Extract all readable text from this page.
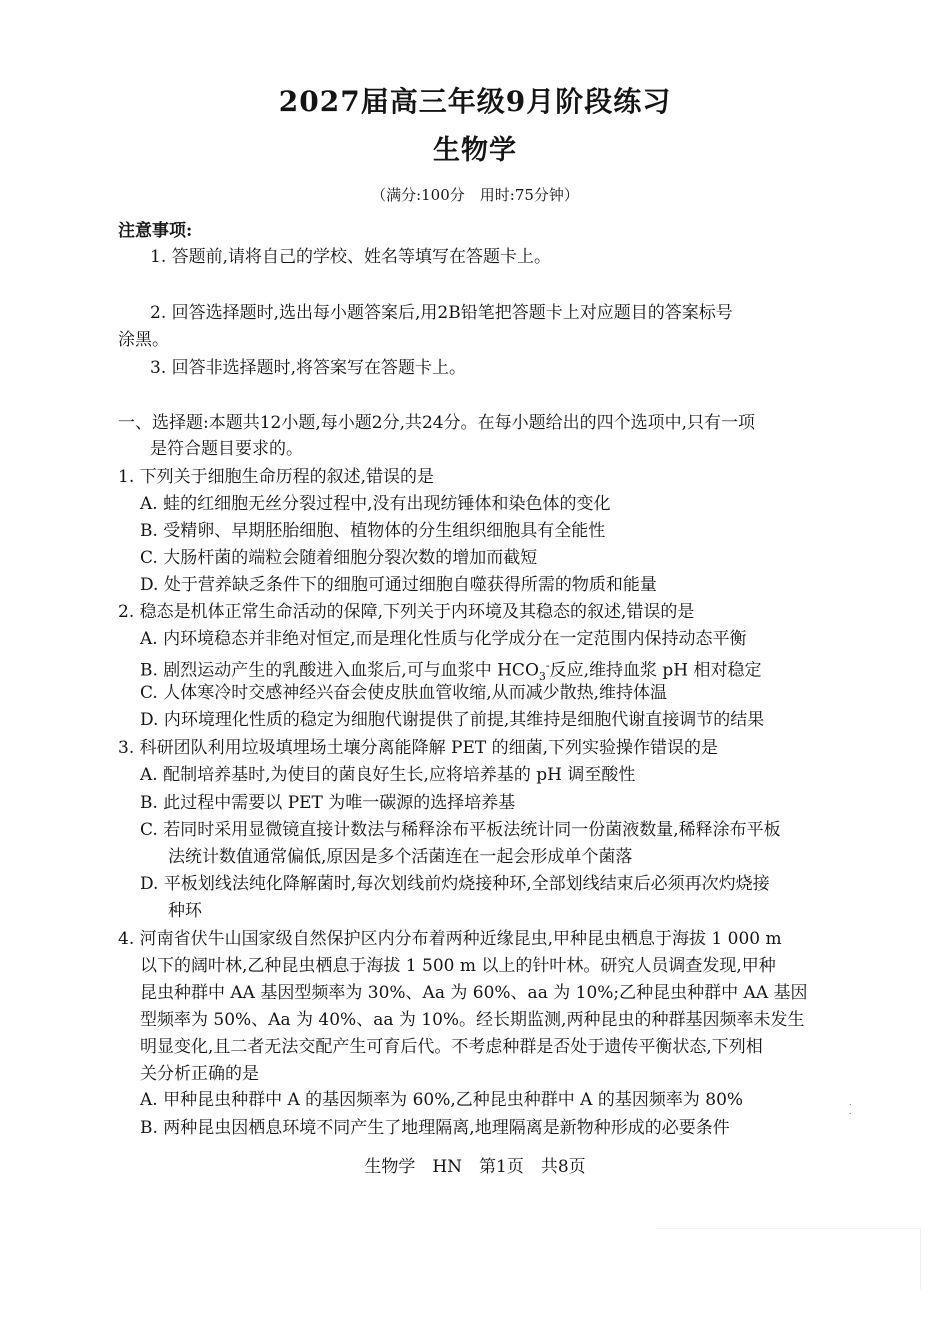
2027届高三年级9月阶段练习
生物学
（满分:100分　用时:75分钟）
注意事项:
1. 答题前,请将自己的学校、姓名等填写在答题卡上。
2. 回答选择题时,选出每小题答案后,用2B铅笔把答题卡上对应题目的答案标号
涂黑。
3. 回答非选择题时,将答案写在答题卡上。
一、选择题:本题共12小题,每小题2分,共24分。在每小题给出的四个选项中,只有一项
是符合题目要求的。
1. 下列关于细胞生命历程的叙述,错误的是
A. 蛙的红细胞无丝分裂过程中,没有出现纺锤体和染色体的变化
B. 受精卵、早期胚胎细胞、植物体的分生组织细胞具有全能性
C. 大肠杆菌的端粒会随着细胞分裂次数的增加而截短
D. 处于营养缺乏条件下的细胞可通过细胞自噬获得所需的物质和能量
2. 稳态是机体正常生命活动的保障,下列关于内环境及其稳态的叙述,错误的是
A. 内环境稳态并非绝对恒定,而是理化性质与化学成分在一定范围内保持动态平衡
B. 剧烈运动产生的乳酸进入血浆后,可与血浆中 $HCO_3^-$反应,维持血浆 pH 相对稳定
C. 人体寒冷时交感神经兴奋会使皮肤血管收缩,从而减少散热,维持体温
D. 内环境理化性质的稳定为细胞代谢提供了前提,其维持是细胞代谢直接调节的结果
3. 科研团队利用垃圾填埋场土壤分离能降解 PET 的细菌,下列实验操作错误的是
A. 配制培养基时,为使目的菌良好生长,应将培养基的 pH 调至酸性
B. 此过程中需要以 PET 为唯一碳源的选择培养基
C. 若同时采用显微镜直接计数法与稀释涂布平板法统计同一份菌液数量,稀释涂布平板
法统计数值通常偏低,原因是多个活菌连在一起会形成单个菌落
D. 平板划线法纯化降解菌时,每次划线前灼烧接种环,全部划线结束后必须再次灼烧接
种环
4. 河南省伏牛山国家级自然保护区内分布着两种近缘昆虫,甲种昆虫栖息于海拔 1 000 m
以下的阔叶林,乙种昆虫栖息于海拔 1 500 m 以上的针叶林。研究人员调查发现,甲种
昆虫种群中 AA 基因型频率为 30%、Aa 为 60%、aa 为 10%;乙种昆虫种群中 AA 基因
型频率为 50%、Aa 为 40%、aa 为 10%。经长期监测,两种昆虫的种群基因频率未发生
明显变化,且二者无法交配产生可育后代。不考虑种群是否处于遗传平衡状态,下列相
关分析正确的是
A. 甲种昆虫种群中 A 的基因频率为 60%,乙种昆虫种群中 A 的基因频率为 80%
B. 两种昆虫因栖息环境不同产生了地理隔离,地理隔离是新物种形成的必要条件
生物学　HN　第1页　共8页
˙
˙
